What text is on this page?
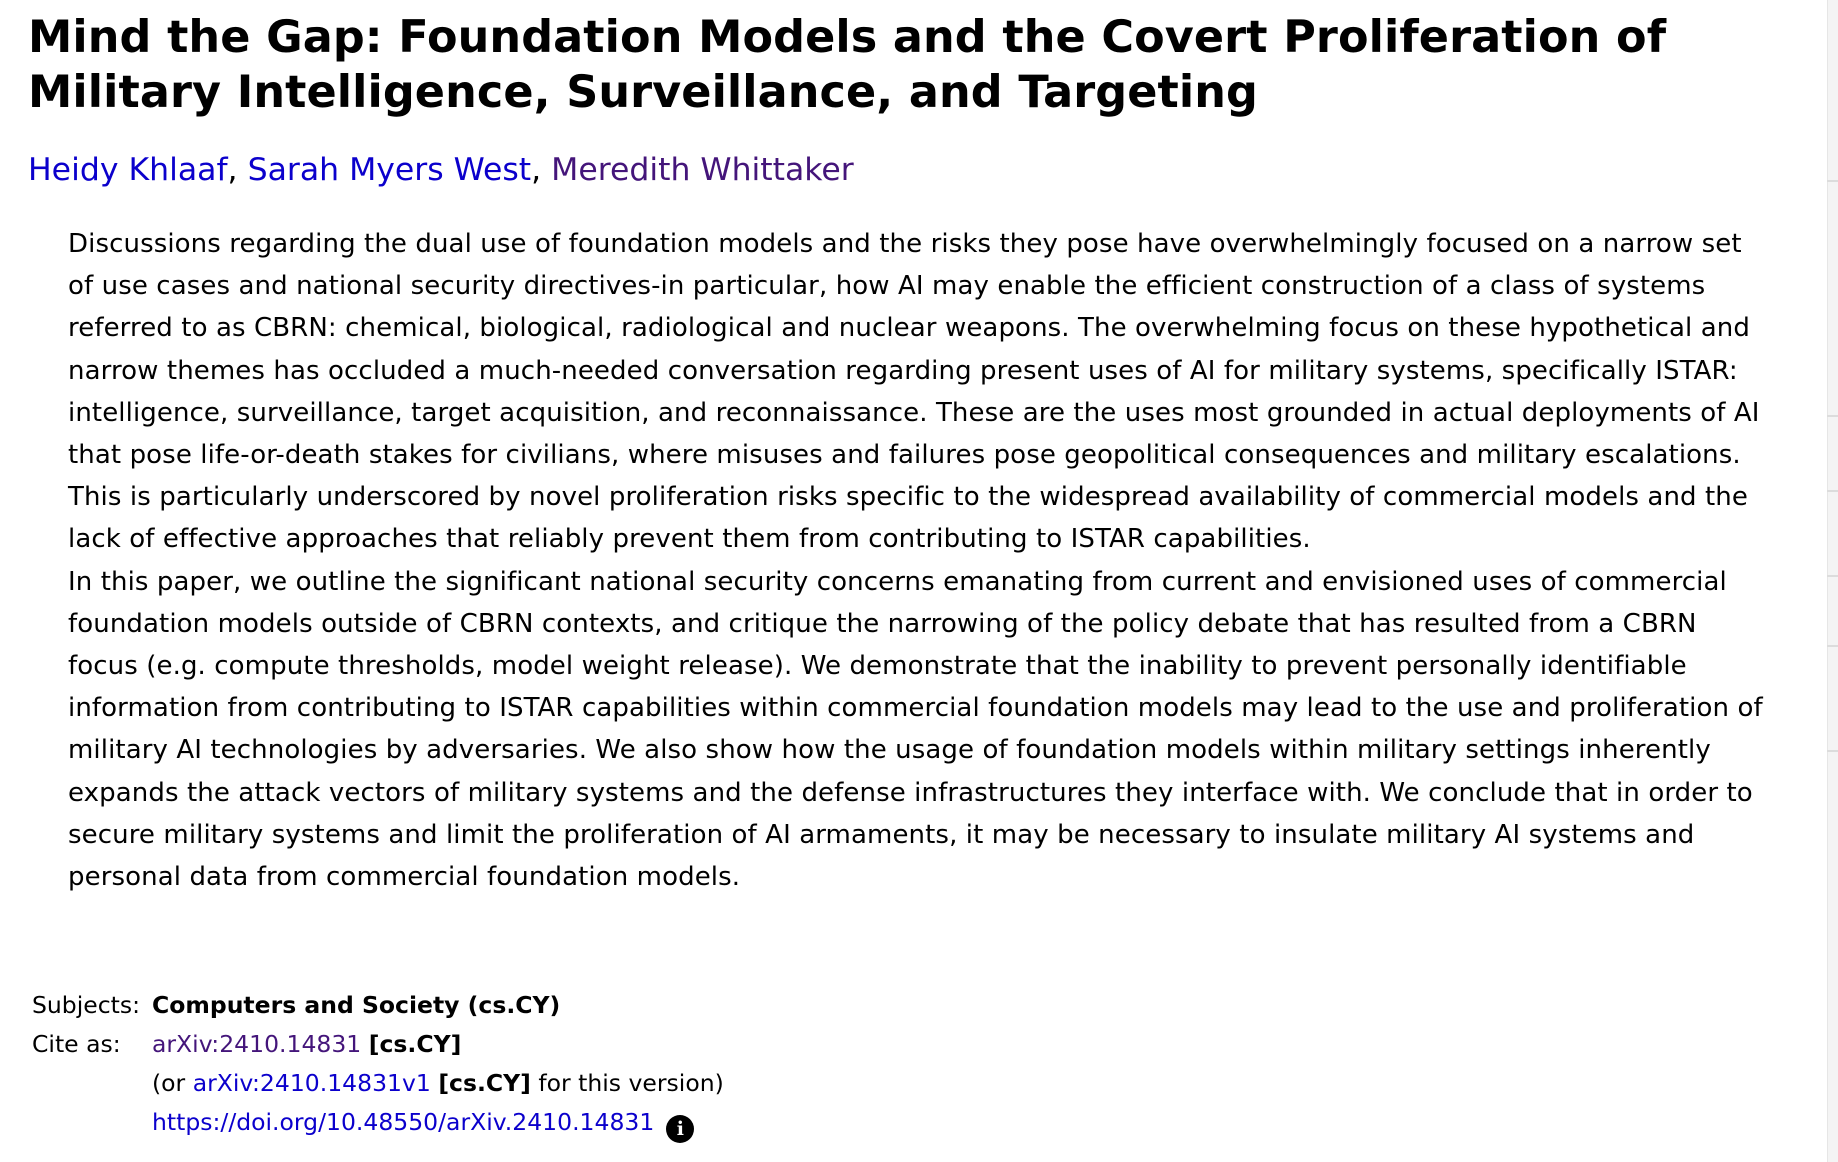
Mind the Gap: Foundation Models and the Covert Proliferation of Military Intelligence, Surveillance, and Targeting
Heidy Khlaaf, Sarah Myers West, Meredith Whittaker

Discussions regarding the dual use of foundation models and the risks they pose have overwhelmingly focused on a narrow set of use cases and national security directives-in particular, how AI may enable the efficient construction of a class of systems referred to as CBRN: chemical, biological, radiological and nuclear weapons. The overwhelming focus on these hypothetical and narrow themes has occluded a much-needed conversation regarding present uses of AI for military systems, specifically ISTAR: intelligence, surveillance, target acquisition, and reconnaissance. These are the uses most grounded in actual deployments of AI that pose life-or-death stakes for civilians, where misuses and failures pose geopolitical consequences and military escalations. This is particularly underscored by novel proliferation risks specific to the widespread availability of commercial models and the lack of effective approaches that reliably prevent them from contributing to ISTAR capabilities.

In this paper, we outline the significant national security concerns emanating from current and envisioned uses of commercial foundation models outside of CBRN contexts, and critique the narrowing of the policy debate that has resulted from a CBRN focus (e.g. compute thresholds, model weight release). We demonstrate that the inability to prevent personally identifiable information from contributing to ISTAR capabilities within commercial foundation models may lead to the use and proliferation of military AI technologies by adversaries. We also show how the usage of foundation models within military settings inherently expands the attack vectors of military systems and the defense infrastructures they interface with. We conclude that in order to secure military systems and limit the proliferation of AI armaments, it may be necessary to insulate military AI systems and personal data from commercial foundation models.

Subjects: Computers and Society (cs.CY)
Cite as:	arXiv:2410.14831 [cs.CY]
(or arXiv:2410.14831v1 [cs.CY] for this version)
https://doi.org/10.48550/arXiv.2410.14831 i
